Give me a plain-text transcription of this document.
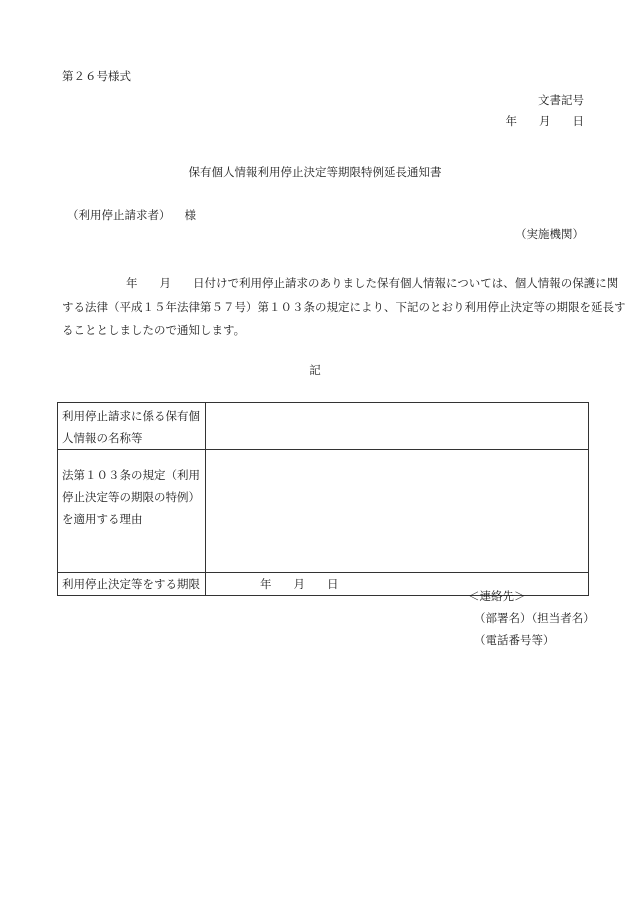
第２６号様式
文書記号
年 月 日
保有個人情報利用停止決定等期限特例延長通知書
（利用停止請求者） 様
（実施機関）
年 月 日付けで利用停止請求のありました保有個人情報については、個人情報の保護に関
する法律（平成１５年法律第５７号）第１０３条の規定により、下記のとおり利用停止決定等の期限を延長す
ることとしましたので通知します。
記
利用停止請求に係る保有個人情報の名称等	

法第１０３条の規定（利用停止決定等の期限の特例）を適用する理由	

利用停止決定等をする期限	年 月 日
＜連絡先＞
（部署名）（担当者名）
（電話番号等）
